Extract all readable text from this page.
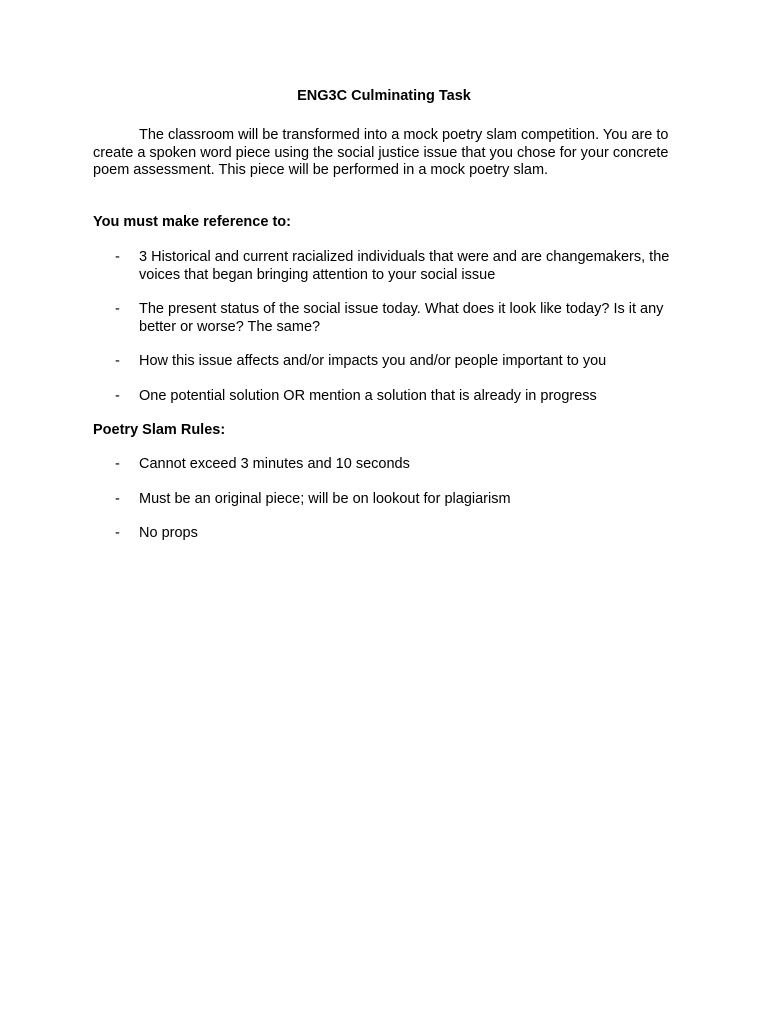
ENG3C Culminating Task
The classroom will be transformed into a mock poetry slam competition. You are to create a spoken word piece using the social justice issue that you chose for your concrete poem assessment. This piece will be performed in a mock poetry slam.
You must make reference to:
- 3 Historical and current racialized individuals that were and are changemakers, the voices that began bringing attention to your social issue
- The present status of the social issue today. What does it look like today? Is it any better or worse? The same?
- How this issue affects and/or impacts you and/or people important to you
- One potential solution OR mention a solution that is already in progress
Poetry Slam Rules:
- Cannot exceed 3 minutes and 10 seconds
- Must be an original piece; will be on lookout for plagiarism
- No props
